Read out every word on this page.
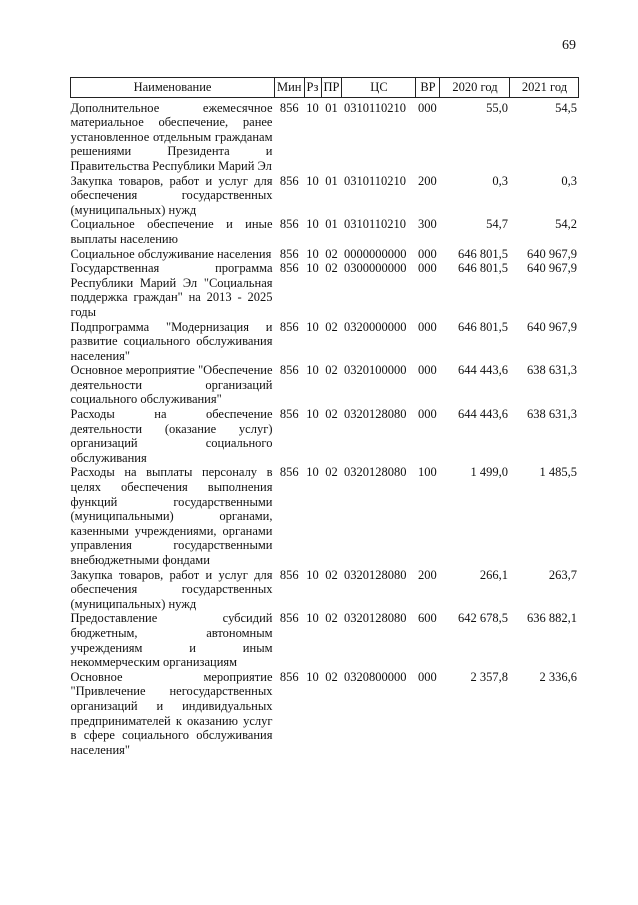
69
Наименование	Мин	Рз	ПР	ЦС	ВР	2020 год	2021 год
Дополнительное ежемесячное материальное обеспечение, ранее установленное отдельным гражданам решениями Президента и Правительства Республики Марий Эл	856	10	01	0310110210	000	55,0	54,5
Закупка товаров, работ и услуг для обеспечения государственных (муниципальных) нужд	856	10	01	0310110210	200	0,3	0,3
Социальное обеспечение и иные выплаты населению	856	10	01	0310110210	300	54,7	54,2
Социальное обслуживание населения	856	10	02	0000000000	000	646 801,5	640 967,9
Государственная программа Республики Марий Эл "Социальная поддержка граждан" на 2013 - 2025 годы	856	10	02	0300000000	000	646 801,5	640 967,9
Подпрограмма "Модернизация и развитие социального обслуживания населения"	856	10	02	0320000000	000	646 801,5	640 967,9
Основное мероприятие "Обеспечение деятельности организаций социального обслуживания"	856	10	02	0320100000	000	644 443,6	638 631,3
Расходы на обеспечение деятельности (оказание услуг) организаций социального обслуживания	856	10	02	0320128080	000	644 443,6	638 631,3
Расходы на выплаты персоналу в целях обеспечения выполнения функций государственными (муниципальными) органами, казенными учреждениями, органами управления государственными внебюджетными фондами	856	10	02	0320128080	100	1 499,0	1 485,5
Закупка товаров, работ и услуг для обеспечения государственных (муниципальных) нужд	856	10	02	0320128080	200	266,1	263,7
Предоставление субсидий бюджетным, автономным учреждениям и иным некоммерческим организациям	856	10	02	0320128080	600	642 678,5	636 882,1
Основное мероприятие "Привлечение негосударственных организаций и индивидуальных предпринимателей к оказанию услуг в сфере социального обслуживания населения"	856	10	02	0320800000	000	2 357,8	2 336,6
